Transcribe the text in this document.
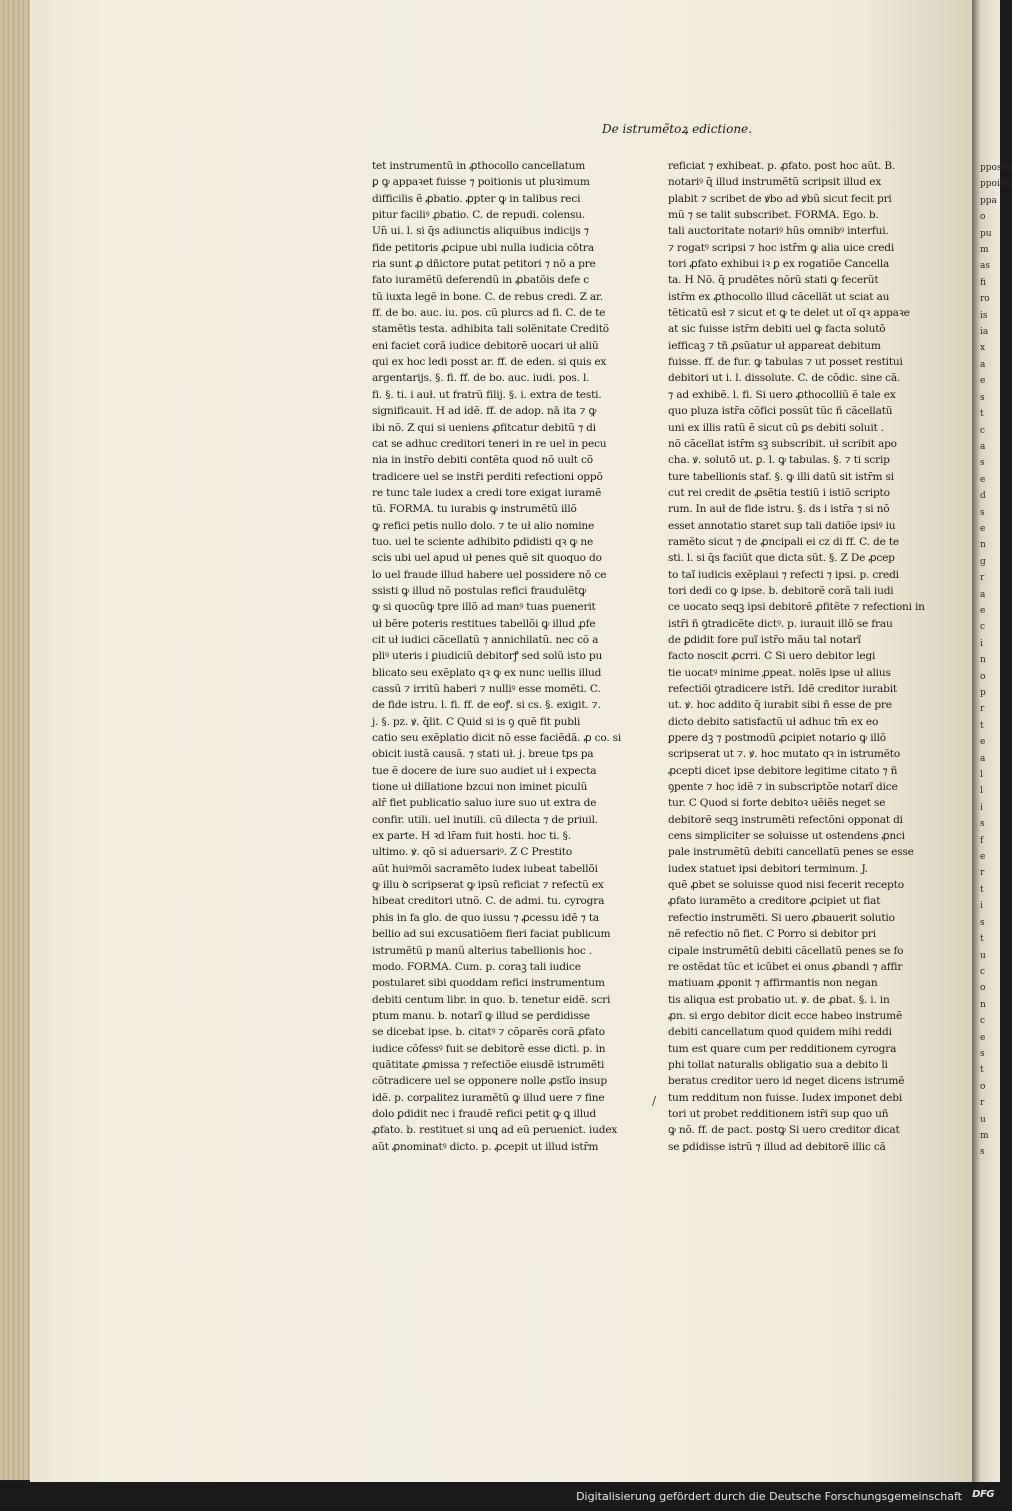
De istrumẽtoꝝ edictione.
tet instrumentũ in ꝓthocollo cancellatum
ꝑ ꝙ appaꝛet fuisse ⁊ poitionis ut pluꝛimum
difficilis ẽ ꝓbatio. ꝓpter ꝙ in talibus reci
pitur faciliꝰ ꝓbatio. C. de repudi. colensu.
Un̄ ui. l. si q̄s adiunctis aliquibus indicijs ⁊
fide petitoris ꝓcipue ubi nulla iudicia cōtra
ria sunt ꝓ dñictore putat petitori ⁊ nō a pre
fato iuramẽtũ deferendũ in ꝓbatõis defe c
tũ iuxta legẽ in bone. C. de rebus credi. Z ar.
ff. de bo. auc. iu. pos. cũ plurcs ad fi. C. de te
stamẽtis testa. adhibita tali solẽnitate Creditõ
eni faciet corã iudice debitorẽ uocari uł aliũ
qui ex hoc ledi posst ar. ff. de eden. si quis ex
argentarijs. §. fi. ff. de bo. auc. iudi. pos. l.
fi. §. ti. i auł. ut fratrũ filij. §. i. extra de testi.
significauit. H ad idẽ. ff. de adop. nā ita ⁊ ꝙ
ibi nõ. Z qui si ueniens ꝓfitcatur debitũ ⁊ di
cat se adhuc creditori teneri in re uel in pecu
nia in instr̄o debiti contẽta quod nõ uult cõ
tradicere uel se instr̄i perditi refectioni oppõ
re tunc tale iudex a credi tore exigat iuramẽ
tũ. FORMA. tu iurabis ꝙ instrumẽtũ illõ
ꝙ refici petis nullo dolo. ⁊ te uł alio nomine
tuo. uel te sciente adhibito ꝑdidisti qꝛ ꝙ ne
scis ubi uel apud uł penes quẽ sit quoquo do
lo uel fraude illud habere uel possidere nō ce
ssisti ꝙ illud nõ postulas refici fraudulẽtꝙ
ꝙ si quocũꝙ tpre illõ ad manꝰ tuas puenerit
uł bẽre poteris restitues tabellõi ꝙ illud ꝓfe
cit uł iudici cãcellatũ ⁊ annichilatũ. nec cõ a
pliꝰ uteris i ꝑiudiciũ debitorꝭ sed solũ isto pu
blicato seu exẽplato qꝛ ꝙ ex nunc uellis illud
cassũ ⁊ irritũ haberi ⁊ nulliꝰ esse momẽti. C.
de fide istru. l. fi. ff. de eoꝭ. si cs. §. exigit. ⁊.
j. §. pz. ꝟ. q̄lit. C Quid si is ꝯ quẽ fit publi
catio seu exẽplatio dicit nõ esse faciẽdã. ꝓ co. si
obicit iustã causã. ⁊ stati uł. j. breue tps pa
tue ẽ docere de iure suo audiet uł i expecta
tione uł dillatione bzcui non iminet piculũ
alr̄ fiet publicatio saluo iure suo ut extra de
confir. utili. uel inutili. cũ dilecta ⁊ de priuil.
ex parte. H ꝛd lr̄am fuit hosti. hoc ti. §.
ultimo. ꝟ. qõ si aduersariꝰ. Z C Prestito
aũt huiꝰmõi sacramẽto iudex iubeat tabellõi
ꝙ illu ꝺ scripserat ꝙ ipsũ reficiat ⁊ refectũ ex
hibeat creditori utnõ. C. de admi. tu. cyrogra
phis in fa glo. de quo iussu ⁊ ꝓcessu idẽ ⁊ ta
bellio ad sui excusatiõem fieri faciat publicum
istrumẽtũ p manũ alterius tabellionis hoc .
modo. FORMA. Cum. p. coraꝫ tali iudice
postularet sibi quoddam refici instrumentum
debiti centum libr. in quo. b. tenetur eidẽ. scri
ptum manu. b. notarĩ ꝙ illud se perdidisse
se dicebat ipse. b. citatꝰ ⁊ cõparẽs corã ꝓfato
iudice cõfessꝰ fuit se debitorẽ esse dicti. p. in
quãtitate ꝓmissa ⁊ refectiõe eiusdẽ istrumẽti
cõtradicere uel se opponere nolle ꝓstĩo insup
idẽ. p. corpalitez iuramẽtũ ꝙ illud uere ⁊ fine
dolo ꝑdidit nec i fraudẽ refici petit ꝙ ꝗ illud
ꝓfato. b. restituet si unꝗ ad eũ peruenict. iudex
aũt ꝓnominatꝰ dicto. p. ꝓcepit ut illud istr̄m
reficiat ⁊ exhibeat. p. ꝓfato. post hoc aũt. B.
notariꝰ q̄ illud instrumẽtũ scripsit illud ex
plabit ⁊ scribet de ꝟbo ad ꝟbũ sicut fecit pri
mũ ⁊ se talit subscribet. FORMA. Ego. b.
tali auctoritate notariꝰ hũs omnibꝰ interfui.
⁊ rogatꝰ scripsi ⁊ hoc istr̄m ꝙ alia uice credi
tori ꝓfato exhibui iꝛ ꝑ ex rogatiõe Cancella
ta. H Nõ. q̄ prudẽtes nõrũ stati ꝙ fecerũt
istr̄m ex ꝓthocollo illud cãcellãt ut sciat au
tẽticatũ esł ⁊ sicut et ꝙ te delet ut oĩ qꝛ appaꝛe
at sic fuisse istr̄m debiti uel ꝙ facta solutõ
iefficaꝫ ⁊ tñ ꝓsũatur uł appareat debitum
fuisse. ff. de fur. ꝙ tabulas ⁊ ut posset restitui
debitori ut i. l. dissolute. C. de cõdic. sine cã.
⁊ ad exhibẽ. l. fi. Si uero ꝓthocolliũ ẽ tale ex
quo pluza istr̄a cõfici possũt tũc ñ cãcellatũ
uni ex illis ratũ ẽ sicut cũ ꝑs debiti soluit .
nõ cãcellat istr̄m sꝫ subscribit. uł scribit apo
cha. ꝟ. solutõ ut. ꝑ. l. ꝙ tabulas. §. ⁊ ti scrip
ture tabellionis staf. §. ꝙ illi datũ sit istr̄m si
cut rei credit de ꝓsẽtia testiũ i istiõ scripto
rum. In auł de fide istru. §. ds i istr̄a ⁊ si nõ
esset annotatio staret sup tali datiõe ipsiꝰ iu
ramẽto sicut ⁊ de ꝓncipali ei cz di ff. C. de te
sti. l. si q̄s faciũt que dicta sũt. §. Z De ꝓcep
to taĩ iudicis exẽplaui ⁊ refecti ⁊ ipsi. p. credi
tori dedi co ꝙ ipse. b. debitorẽ corã tali iudi
ce uocato seqꝫ ipsi debitorẽ ꝓfitẽte ⁊ refectioni in
istr̄i ñ ꝯtradicẽte dictꝰ. p. iurauit illõ se frau
de ꝑdidit fore puĩ istr̄o mãu tal notarĩ
facto noscit ꝓcrri. C Si uero debitor legi
tie uocatꝰ minime ꝓpeat. nolẽs ipse uł alius
refectiõi ꝯtradicere istr̄i. Idẽ creditor iurabit
ut. ꝟ. hoc addito q̄ iurabit sibi ñ esse de pre
dicto debito satisfactũ uł adhuc tm̄ ex eo
ꝑpere dꝫ ⁊ postmodũ ꝓcipiet notario ꝙ illõ
scripserat ut ⁊. ꝟ. hoc mutato qꝛ in istrumẽto
ꝓcepti dicet ipse debitore legitime citato ⁊ ñ
ꝯpente ⁊ hoc idẽ ⁊ in subscriptõe notarĩ dice
tur. C Quod si forte debitoꝛ uẽiẽs neget se
debitorẽ seqꝫ instrumẽti refectõni opponat di
cens simpliciter se soluisse ut ostendens ꝓnci
pale instrumẽtũ debiti cancellatũ penes se esse
iudex statuet ipsi debitori terminum. J.
quẽ ꝓbet se soluisse quod nisi fecerit recepto
ꝓfato iuramẽto a creditore ꝓcipiet ut fiat
refectio instrumẽti. Si uero ꝓbauerit solutio
nẽ refectio nõ fiet. C Porro si debitor pri
cipale instrumẽtũ debiti cãcellatũ penes se fo
re ostẽdat tũc et icũbet ei onus ꝓbandi ⁊ affir
matiuam ꝓponit ⁊ affirmantis non negan
tis aliqua est probatio ut. ꝟ. de ꝓbat. §. i. in
ꝓn. si ergo debitor dicit ecce habeo instrumẽ
debiti cancellatum quod quidem mihi reddi
tum est quare cum per redditionem cyrogra
phi tollat naturalis obligatio sua a debito li
beratus creditor uero id neget dicens istrumẽ
tum redditum non fuisse. Iudex imponet debi
tori ut probet redditionem istr̄i sup quo uñ
ꝙ nõ. ff. de pact. postꝙ Si uero creditor dicat
se ꝑdidisse istrũ ⁊ illud ad debitorẽ illic cã
/
ppositi
ppoitio
ppa
o
pu
m
as
fi
ro
is
ia
x
a
e
s
t
c
a
s
e
d
s
e
n
g
r
a
e
c
i
n
o
p
r
t
e
a
l
l
i
s
f
e
r
t
i
s
t
u
c
o
n
c
e
s
t
o
r
u
m
s
Digitalisierung gefördert durch die Deutsche Forschungsgemeinschaft DFG
